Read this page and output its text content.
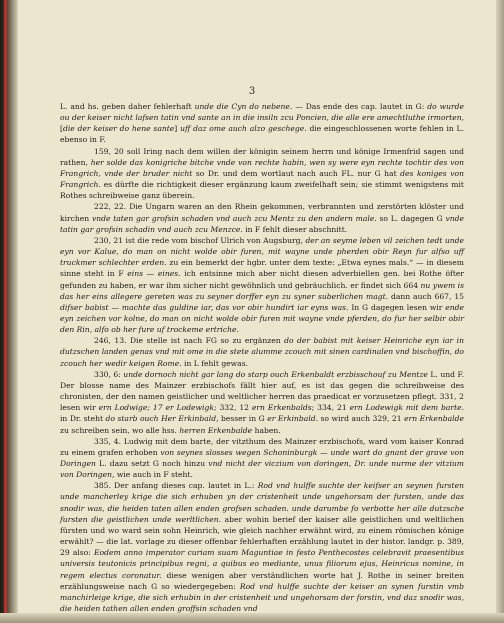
3

L. and hs. geben daher fehlerhaft unde die Cyn do nebene. — Das ende des cap. lautet in G: do wurde ou der keiser nicht lafsen tatin vnd sante an in die insiln zcu Poncien, die alle ere amechtluthe irmorten, [die der keiser do hene sante] uff daz ome auch alzo geschege. die eingeschlossenen worte fehlen in L. ebenso in F.

159, 20 soll Iring nach dem willen der königin seinem herrn und könige Irmenfrid sagen und rathen, her solde das konigriche bitche vnde von rechte habin, wen sy were eyn rechte tochtir des von Frangrich, vnde der bruder nicht so Dr. und dem wortlaut nach auch FL. nur G hat des koniges von Frangrich. es dürfte die richtigkeit dieser ergänzung kaum zweifelhaft sein; sie stimmt wenigstens mit Rothes schreibweise ganz überein.

222, 22. Die Ungarn waren an den Rhein gekommen, verbrannten und zerstörten klöster und kirchen vnde taten gar grofsin schaden vnd auch zcu Mentz zu den andern male. so L. dagegen G vnde tatin gar grofsin schadin vnd auch zcu Menzce. in F fehlt dieser abschnitt.

230, 21 ist die rede vom bischof Ulrich von Augsburg, der an seyme leben vil zeichen tedt unde eyn vor Kalue, do man on nicht wolde obir furen, mit wayne unde pherden obir Reyn fur alfso uff truckmer schlechter erden. zu ein bemerkt der hgbr. unter dem texte: „Etwa eynes mals.“ — in diesem sinne steht in F eins — eines. ich entsinne mich aber nicht diesen adverbiellen gen. bei Rothe öfter gefunden zu haben, er war ihm sicher nicht gewöhnlich und gebräuchlich. er findet sich 664 nu ywem is das her eins allegere gereten was zu seyner dorffer eyn zu syner suberlichen magt. dann auch 667, 15 difser babist — machte das guldine iar, das vor obir hundirt iar eyns was. In G dagegen lesen wir ende eyn zeichen vor kolne, do man on nicht wolde obir furen mit wayne vnde pferden, do fur her selbir obir den Rin, alfo ob her fure uf trockeme ertriche.

246, 13. Die stelle ist nach FG so zu ergänzen do der babist mit keiser Heinriche eyn iar in dutzschen landen genas vnd mit ome in die stete alumme zcouch mit sinen cardinalen vnd bischoffin, do zcouch her wedir keigen Rome. in L fehlt gewas.

330, 6: unde dornoch nicht gar lang do starp ouch Erkenbaldt erzbisschouf zu Mentze L. und F. Der blosse name des Mainzer erzbischofs fällt hier auf, es ist das gegen die schreibweise des chronisten, der den namen geistlicher und weltlicher herren das praedicat er vorzusetzen pflegt. 331, 2 lesen wir ern Lodwige; 17 er Lodewigk; 332, 12 ern Erkenbalds; 334, 21 ern Lodewigk mit dem barte. in Dr. steht do starb ouch Her Erkinbald, besser in G er Erkinbald. so wird auch 329, 21 ern Erkenbalde zu schreiben sein, wo alle hss. herren Erkenbalde haben.

335, 4. Ludwig mit dem barte, der vitzthum des Mainzer erzbischofs, ward vom kaiser Konrad zu einem grafen erhoben von seynes slosses wegen Schoninburgk — unde wart do gnant der grave von Doringen L. dazu setzt G noch hinzu vnd nicht der viczium von doringen, Dr. unde nurme der vitzium von Doringen, wie auch in F steht.

385. Der anfang dieses cap. lautet in L.: Rod vnd hulffe suchte der keifser an seynen fursten unde mancherley krige die sich erhuben yn der cristenheit unde ungehorsam der fursten, unde das snodir was, die heiden taten allen enden grofsen schaden. unde darumbe fo verbotte her alle dutzsche fursten die geistlichen unde werltlichen. aber wohin berief der kaiser alle geistlichen und weltlichen fürsten und wo ward sein sohn Heinrich, wie gleich nachher erwähnt wird, zu einem römischen könige erwählt? — die lat. vorlage zu dieser offenbar fehlerhaften erzählung lautet in der histor. landgr. p. 389, 29 also: Eodem anno imperator curiam suam Maguntiae in festo Penthecostes celebravit praesentibus universis teutonicis principibus regni, a quibus eo mediante, unus filiorum ejus, Heinricus nomine, in regem electus coronatur. diese wenigen aber verständlichen worte hat J. Rothe in seiner breiten erzählungsweise nach G so wiedergegeben: Rod vnd hulffe suchte der keiser an synen furstin vmb manchirleige krige, die sich erhubin in der cristenheit und ungehorsam der forstin, vnd daz snodir was, die heiden tathen allen enden groffsin schaden vnd
